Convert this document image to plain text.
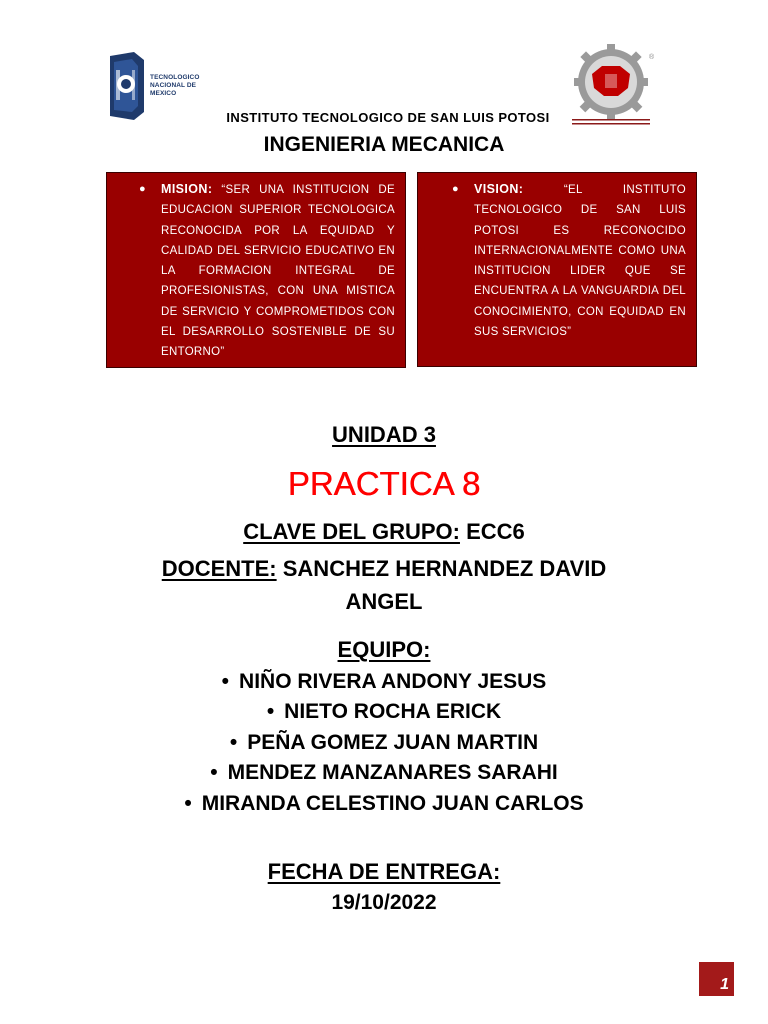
TECNOLOGICO
NACIONAL DE MEXICO
®
INSTITUTO TECNOLOGICO DE SAN LUIS POTOSI
INGENIERIA MECANICA
● MISION: “SER UNA INSTITUCION DE EDUCACION SUPERIOR TECNOLOGICA RECONOCIDA POR LA EQUIDAD Y CALIDAD DEL SERVICIO EDUCATIVO EN LA FORMACION INTEGRAL DE PROFESIONISTAS, CON UNA MISTICA DE SERVICIO Y COMPROMETIDOS CON EL DESARROLLO SOSTENIBLE DE SU ENTORNO”
● VISION:	“EL INSTITUTO TECNOLOGICO DE SAN LUIS POTOSI ES RECONOCIDO INTERNACIONALMENTE COMO UNA INSTITUCION LIDER QUE SE ENCUENTRA A LA VANGUARDIA DEL CONOCIMIENTO, CON EQUIDAD EN SUS SERVICIOS”
UNIDAD 3
PRACTICA 8
CLAVE DEL GRUPO: ECC6
DOCENTE: SANCHEZ HERNANDEZ DAVID
ANGEL
EQUIPO:
• NIÑO RIVERA ANDONY JESUS
• NIETO ROCHA ERICK
• PEÑA GOMEZ JUAN MARTIN
• MENDEZ MANZANARES SARAHI
• MIRANDA CELESTINO JUAN CARLOS
FECHA DE ENTREGA:
19/10/2022
1
